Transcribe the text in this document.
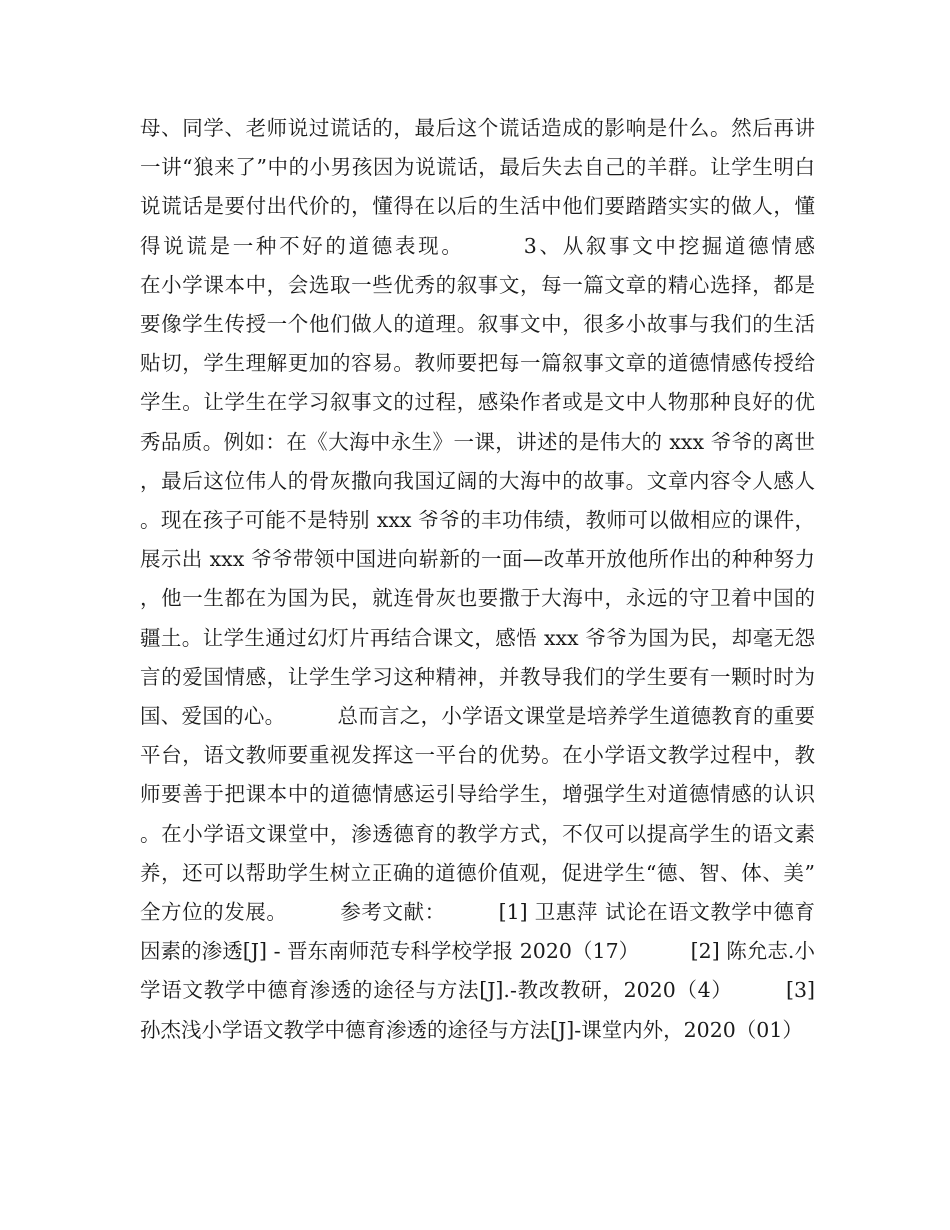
母、同学、老师说过谎话的，最后这个谎话造成的影响是什么。然后再讲一讲“狼来了”中的小男孩因为说谎话，最后失去自己的羊群。让学生明白说谎话是要付出代价的，懂得在以后的生活中他们要踏踏实实的做人，懂得说谎是一种不好的道德表现。　　　3、从叙事文中挖掘道德情感　　　在小学课本中，会选取一些优秀的叙事文，每一篇文章的精心选择，都是要像学生传授一个他们做人的道理。叙事文中，很多小故事与我们的生活贴切，学生理解更加的容易。教师要把每一篇叙事文章的道德情感传授给学生。让学生在学习叙事文的过程，感染作者或是文中人物那种良好的优秀品质。例如：在《大海中永生》一课，讲述的是伟大的 xxx 爷爷的离世，最后这位伟人的骨灰撒向我国辽阔的大海中的故事。文章内容令人感人。现在孩子可能不是特别 xxx 爷爷的丰功伟绩，教师可以做相应的课件，展示出 xxx 爷爷带领中国进向崭新的一面—改革开放他所作出的种种努力，他一生都在为国为民，就连骨灰也要撒于大海中，永远的守卫着中国的疆土。让学生通过幻灯片再结合课文，感悟 xxx 爷爷为国为民，却毫无怨言的爱国情感，让学生学习这种精神，并教导我们的学生要有一颗时时为国、爱国的心。　　　总而言之，小学语文课堂是培养学生道德教育的重要平台，语文教师要重视发挥这一平台的优势。在小学语文教学过程中，教师要善于把课本中的道德情感运引导给学生，增强学生对道德情感的认识。在小学语文课堂中，渗透德育的教学方式，不仅可以提高学生的语文素养，还可以帮助学生树立正确的道德价值观，促进学生“德、智、体、美”全方位的发展。　　　参考文献：　　　[1] 卫惠萍 试论在语文教学中德育因素的渗透[J] - 晋东南师范专科学校学报 2020（17）　　　[2] 陈允志.小学语文教学中德育渗透的途径与方法[J].-教改教研，2020（4）　　　[3] 孙杰浅小学语文教学中德育渗透的途径与方法[J]-课堂内外，2020（01）
